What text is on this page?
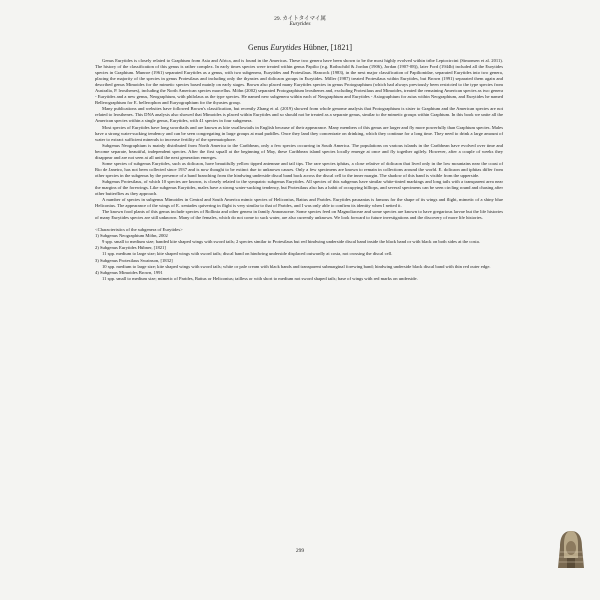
29. カイトタイマイ属
Eurytides
Genus Eurytides Hübner, [1821]

Genus Eurytides is closely related to Graphium from Asia and Africa, and is found in the Americas. These two genera have been shown to be the most highly evolved within tribe Leptocircini (Simonsen et al. 2011). The history of the classification of this genus is rather complex. In early times species were treated within genus Papilio (e.g. Rothschild & Jordan (1906), Jordan (1907-08)), later Ford (1944b) included all the Eurytides species in Graphium. Munroe (1961) separated Eurytides as a genus, with two subgenera, Eurytides and Protesilaus. Hancock (1983), in the next major classification of Papilionidae, separated Eurytides into two genera, placing the majority of the species in genus Protesilaus and including only the thyastes and dolicaon groups in Eurytides. Miller (1987) treated Protesilaus within Eurytides, but Brown (1991) separated them again and described genus Mimoides for the mimetic species based mainly on early stages. Brown also placed many Eurytides species in genus Protographium (which had always previously been restricted to the type species from Australia, P. leosthenes), including the North American species marcellus. Möhn (2002) separated Protographium leosthenes and, excluding Protesilaus and Mimoides, treated the remaining American species as two genera - Eurytides and a new genus, Neographium, with philolaus as the type species. He named new subgenera within each of Neographium and Eurytides - Asiographium for asius within Neographium, and Eurytides he named Bellerographium for E. bellerophon and Euryographium for the thyastes group.

Many publications and websites have followed Brown's classification, but recently Zhang et al. (2019) showed from whole genome analysis that Protographium is sister to Graphium and the American species are not related to leosthenes. This DNA analysis also showed that Mimoides is placed within Eurytides and so should not be treated as a separate genus, similar to the mimetic groups within Graphium. In this book we unite all the American species within a single genus, Eurytides, with 41 species in four subgenera.

Most species of Eurytides have long swordtails and are known as kite swallowtails in English because of their appearance. Many members of this genus are larger and fly more powerfully than Graphium species. Males have a strong water-sucking tendency and can be seen congregating in large groups at mud puddles. Once they land they concentrate on drinking, which they continue for a long time. They need to drink a large amount of water to extract sufficient minerals to increase fertility of the spermatophore.

Subgenus Neographium is mainly distributed from North America to the Caribbean, only a few species occurring in South America. The populations on various islands in the Caribbean have evolved over time and become separate, beautiful, independent species. After the first squall at the beginning of May, these Caribbean island species locally emerge at once and fly together agilely. However, after a couple of weeks they disappear and are not seen at all until the next generation emerges.

Some species of subgenus Eurytides, such as dolicaon, have beautifully yellow tipped antennae and tail tips. The rare species iphitas, a close relative of dolicaon that lived only in the low mountains near the coast of Rio de Janeiro, has not been collected since 1937 and is now thought to be extinct due to unknown causes. Only a few specimens are known to remain in collections around the world. E. dolicaon and iphitas differ from other species in the subgenus by the presence of a band branching from the hindwing underside discal band back across the discal cell to the inner margin. The shadow of this band is visible from the upperside.

Subgenus Protesilaus, of which 10 species are known, is closely related to the sympatric subgenus Eurytides. All species of this subgenus have similar white-tinted markings and long tails with a transparent area near the margins of the forewings. Like subgenus Eurytides, males have a strong water-sucking tendency, but Protesilaus also has a habit of occupying hilltops, and several specimens can be seen circling round and chasing after other butterflies as they approach.

A number of species in subgenus Mimoides in Central and South America mimic species of Heliconius, Battus and Parides. Eurytides pausanias is famous for the shape of its wings and flight, mimetic of a shiny blue Heliconius. The appearance of the wings of E. xeniades quivering in flight is very similar to that of Parides, and I was only able to confirm its identity when I netted it.

The known food plants of this genus include species of Rollinia and other genera in family Annonaceae. Some species feed on Magnoliaceae and some species are known to have gregarious larvae but the life histories of many Eurytides species are still unknown. Many of the females, which do not come to suck water, are also currently unknown. We look forward to future investigations and the discovery of more life histories.

<Characteristics of the subgenera of Eurytides>

1) Subgenus Neographium Möhn, 2002

9 spp. small to medium size; banded kite shaped wings with sword tails; 2 species similar to Protesilaus but red hindwing underside discal band inside the black band or with black on both sides at the costa.

2) Subgenus Eurytides Hübner, [1821]

11 spp. medium to large size; kite shaped wings with sword tails; discal band on hindwing underside displaced outwardly at costa, not crossing the discal cell.

3) Subgenus Protesilaus Swainson, [1832]

10 spp. medium to large size; kite shaped wings with sword tails; white or pale cream with black bands and transparent submarginal forewing band; hindwing underside black discal band with thin red outer edge.

4) Subgenus Mimoides Brown, 1991

11 spp. small to medium size; mimetic of Parides, Battus or Heliconius; tailless or with short to medium not sword shaped tails; base of wings with red marks on underside.

299
